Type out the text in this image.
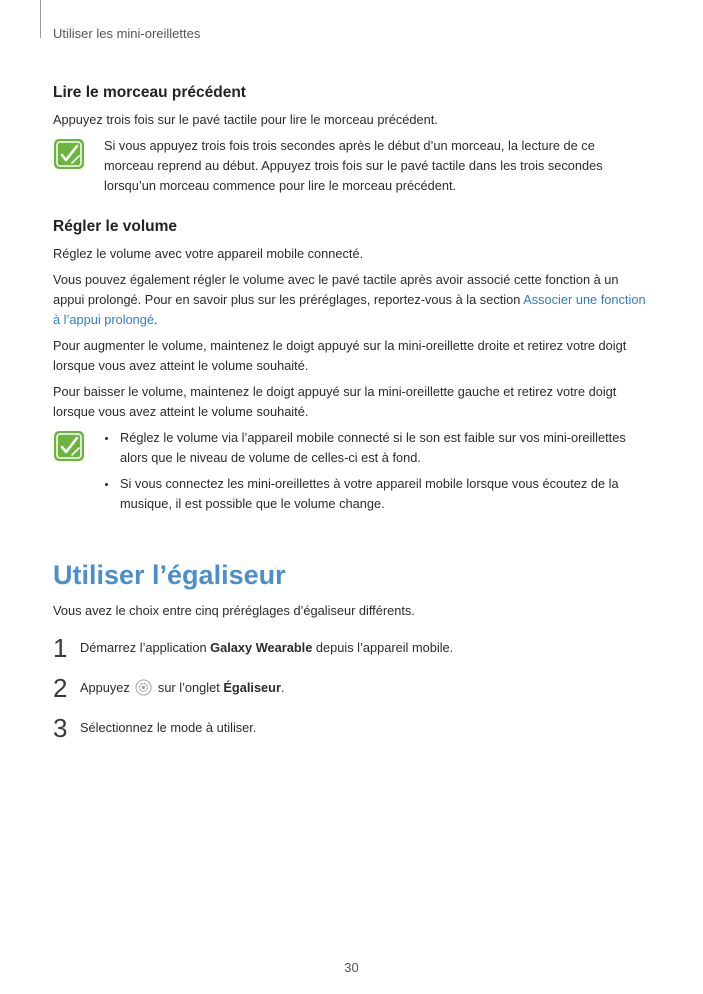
Utiliser les mini-oreillettes
Lire le morceau précédent

Appuyez trois fois sur le pavé tactile pour lire le morceau précédent.

Si vous appuyez trois fois trois secondes après le début d’un morceau, la lecture de ce morceau reprend au début. Appuyez trois fois sur le pavé tactile dans les trois secondes lorsqu’un morceau commence pour lire le morceau précédent.

Régler le volume

Réglez le volume avec votre appareil mobile connecté.

Vous pouvez également régler le volume avec le pavé tactile après avoir associé cette fonction à un appui prolongé. Pour en savoir plus sur les préréglages, reportez-vous à la section Associer une fonction à l’appui prolongé.

Pour augmenter le volume, maintenez le doigt appuyé sur la mini-oreillette droite et retirez votre doigt lorsque vous avez atteint le volume souhaité.

Pour baisser le volume, maintenez le doigt appuyé sur la mini-oreillette gauche et retirez votre doigt lorsque vous avez atteint le volume souhaité.

Réglez le volume via l’appareil mobile connecté si le son est faible sur vos mini-oreillettes alors que le niveau de volume de celles-ci est à fond.
Si vous connectez les mini-oreillettes à votre appareil mobile lorsque vous écoutez de la musique, il est possible que le volume change.
Utiliser l’égaliseur

Vous avez le choix entre cinq préréglages d’égaliseur différents.

1 Démarrez l’application Galaxy Wearable depuis l’appareil mobile.
2 Appuyez  sur l’onglet Égaliseur.
3 Sélectionnez le mode à utiliser.
30
